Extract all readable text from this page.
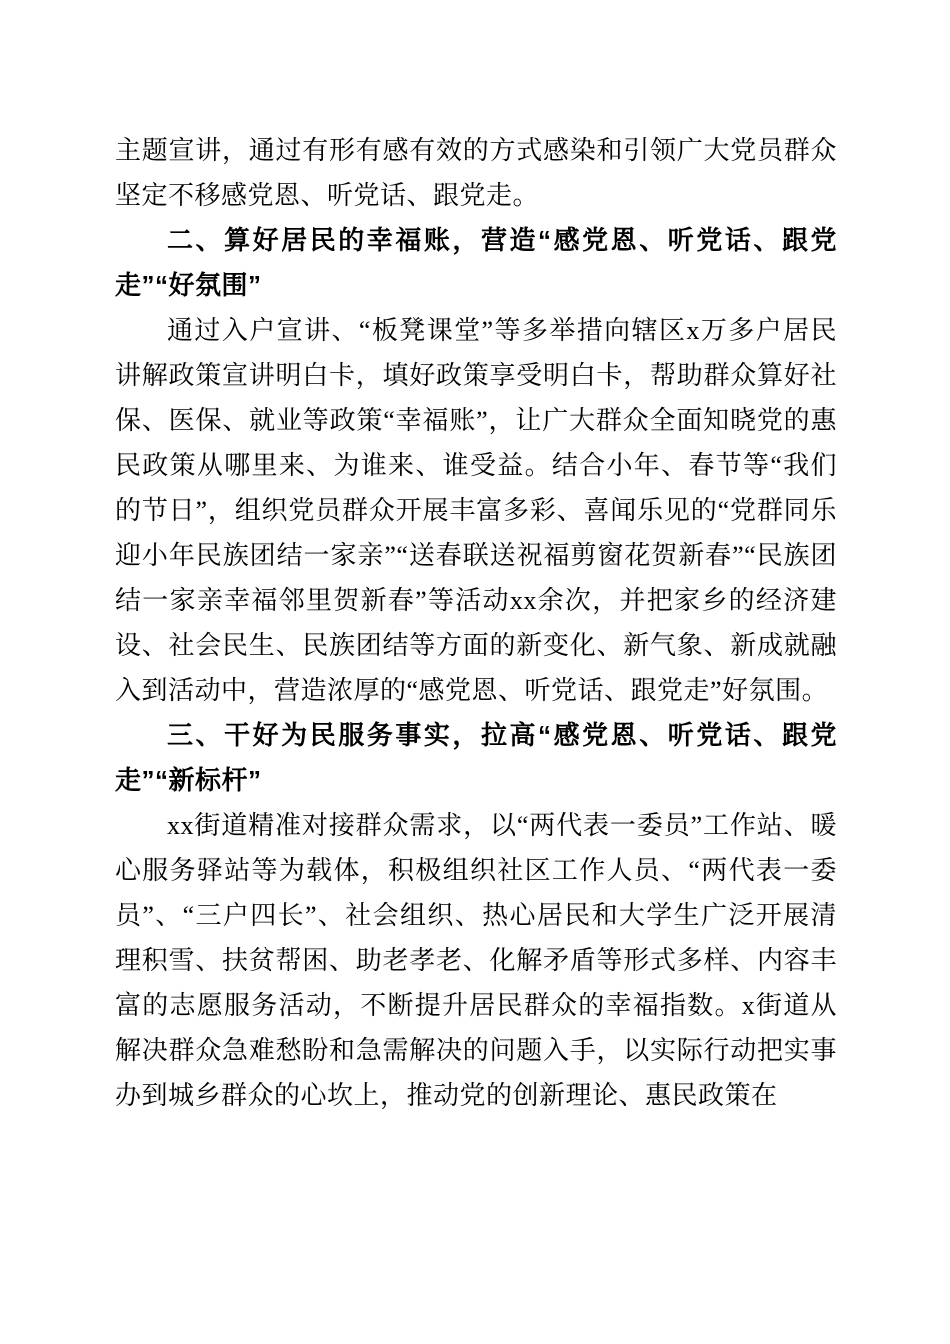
主题宣讲，通过有形有感有效的方式感染和引领广大党员群众坚定不移感党恩、听党话、跟党走。

二、算好居民的幸福账，营造“感党恩、听党话、跟党走”“好氛围”

通过入户宣讲、“板凳课堂”等多举措向辖区x万多户居民讲解政策宣讲明白卡，填好政策享受明白卡，帮助群众算好社保、医保、就业等政策“幸福账”，让广大群众全面知晓党的惠民政策从哪里来、为谁来、谁受益。结合小年、春节等“我们的节日”，组织党员群众开展丰富多彩、喜闻乐见的“党群同乐迎小年民族团结一家亲”“送春联送祝福剪窗花贺新春”“民族团结一家亲幸福邻里贺新春”等活动xx余次，并把家乡的经济建设、社会民生、民族团结等方面的新变化、新气象、新成就融入到活动中，营造浓厚的“感党恩、听党话、跟党走”好氛围。

三、干好为民服务事实，拉高“感党恩、听党话、跟党走”“新标杆”

xx街道精准对接群众需求，以“两代表一委员”工作站、暖心服务驿站等为载体，积极组织社区工作人员、“两代表一委员”、“三户四长”、社会组织、热心居民和大学生广泛开展清理积雪、扶贫帮困、助老孝老、化解矛盾等形式多样、内容丰富的志愿服务活动，不断提升居民群众的幸福指数。x街道从解决群众急难愁盼和急需解决的问题入手，以实际行动把实事办到城乡群众的心坎上，推动党的创新理论、惠民政策在
